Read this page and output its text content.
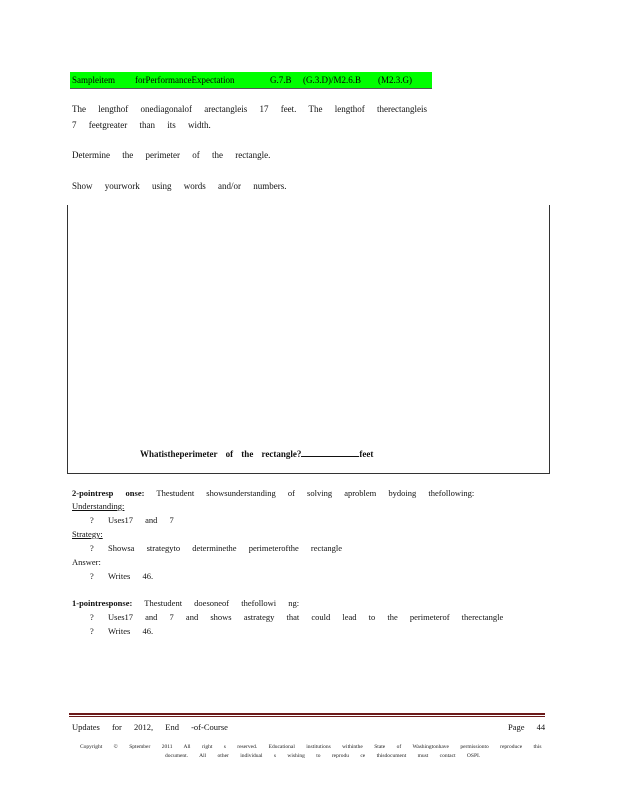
Sampleitem forPerformanceExpectation	G.7.B (G.3.D)/M2.6.B (M2.3.G)
The lengthof onediagonalof arectangleis 17 feet. The lengthof therectangleis
7 feetgreater than its width.
Determine the perimeter of the rectangle.
Show yourwork using words and/or numbers.
Whatistheperimeter of the rectangle?	feet
2-pointresp onse: Thestudent showsunderstanding of solving aproblem bydoing thefollowing:
Understanding:
? Uses17 and 7
Strategy:
? Showsa strategyto determinethe perimeterofthe rectangle
Answer:
? Writes 46.
1-pointresponse: Thestudent doesoneof thefollowi ng:
? Uses17 and 7 and shows astrategy that could lead to the perimeterof therectangle
? Writes 46.
Updates for 2012, End -of-Course	Page 44
Copyright © Sptember 2011 All right s reserved. Educational institutions withinthe State of Washingtonhave permissionto reproduce this
document. All other individual s wishing to reprodu ce thisdocument must contact OSPI.
